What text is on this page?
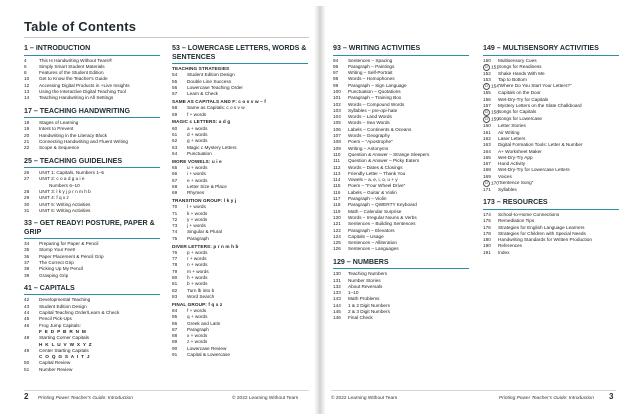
Table of Contents
1 – INTRODUCTION
4	This Is Handwriting Without Tears®
6	Simply Smart Student Materials
8	Features of the Student Edition
10	Get to Know the Teacher's Guide
12	Accessing Digital Products in +Live Insights
13	Using the Interactive Digital Teaching Tool
14	Teaching Handwriting in All Settings
17 – TEACHING HANDWRITING
18	Stages of Learning
19	Intent to Prevent
20	Handwriting in the Literacy Block
21	Connecting Handwriting and Fluent Writing
22	Scope & Sequence
25 – TEACHING GUIDELINES
26	UNIT 1: Capitals, Numbers 1–5
27	UNIT 2: c o a d g u i e
Numbers 6–10
28	UNIT 3: l k y j p r n m h b
29	UNIT 4: f q x z
30	UNIT 5: Writing Activities
31	UNIT 6: Writing Activities
33 – GET READY! POSTURE, PAPER & GRIP
34	Preparing for Paper & Pencil
35	Stomp Your Feet!
36	Paper Placement & Pencil Grip
37	The Correct Grip
38	Picking Up My Pencil
39	Grasping Grip
41 – CAPITALS
42	Developmental Teaching
43	Student Edition Design
44	Capital Teaching Order/Learn & Check
45	Pencil Pick-Ups
46	Frog Jump Capitals:
F E D P B R N M
48	Starting Corner Capitals
H K L U V W X Y Z
49	Center Starting Capitals
C O Q G S A I T J
50	Capital Review
51	Number Review
53 – LOWERCASE LETTERS, WORDS & SENTENCES
TEACHING STRATEGIES
54	Student Edition Design
55	Double Line Success
56	Lowercase Teaching Order
57	Learn & Check
SAME AS CAPITALS AND F: c o s v w – f
58	Same as Capitals: c o s v w
59	f + words
MAGIC c LETTERS: a d g
60	a + words
61	d + words
62	g + words
63	Magic c Mystery Letters
64	Punctuation
MORE VOWELS: u i e
65	u + words
66	i + words
67	e + words
68	Letter Size & Place
69	Rhymes
TRANSITION GROUP: l k y j
70	l + words
71	k + words
72	y + words
73	j + words
74	Singular & Plural
75	Paragraph
DIVER LETTERS: p r n m h b
76	p + words
77	r + words
78	n + words
79	m + words
80	h + words
81	b + words
82	Turn lb into b
83	Word Search
FINAL GROUP: f q x z
84	f + words
85	q + words
86	Greek and Latin
87	Paragraph
88	x + words
89	z + words
90	Lowercase Review
91	Capital & Lowercase
2 Printing Power Teacher's Guide: Introduction	© 2022 Learning Without Tears
93 – WRITING ACTIVITIES
94	Sentences – Spacing
96	Paragraph – Paintings
97	Writing – Self-Portrait
98	Words – Homophones
99	Paragraph – Sign Language
100	Punctuation – Quotations
101	Paragraph – Training Box
102	Words – Compound Words
103	Syllables – pre-opi-hate
104	Words – Land Words
105	Words – Sea Words
106	Labels – Continents & Oceans
107	Words – Geography
108	Poem – "Apostrophe"
109	Writing – Antonyms
110	Question & Answer – Strange Sleepers
111	Question & Answer – Picky Eaters
112	Words – Dates & Closings
113	Friendly Letter – Thank You
114	Vowels – a, e, i, o, u + y
115	Poem – "Four Wheel Drive"
116	Labels – Guitar & Violin
117	Paragraph – Violin
118	Paragraph – QWERTY Keyboard
119	Math – Calendar Surprise
120	Words – Irregular Nouns & Verbs
121	Sentences – Building Sentences
122	Paragraph – Elevators
124	Capitals – Usage
125	Sentences – Alliteration
126	Sentences – Languages
129 – NUMBERS
130	Teaching Numbers
131	Number Stories
132	About Reversals
133	1–10
143	Math Problems
144	1 & 2 Digit Numbers
145	2 & 3 Digit Numbers
146	Final Check
149 – MULTISENSORY ACTIVITIES
150	Multisensory Cues
D 151 Songs for Readiness
152	Shake Hands With Me
153	Tap to Bottom
D 154 "Where Do You Start Your Letters?"
155	Capitals on the Door
156	Wet-Dry-Try for Capitals
157	Mystery Letters on the Slate Chalkboard
D 158 Songs for Capitals
D 159 Songs for Lowercase
160	Letter Stories
161	Air Writing
162	Laser Letters
163	Digital Formation Tools: Letter & Number
164	A+ Worksheet Maker
165	Wet-Dry-Try App
167	Hand Activity
168	Wet-Dry-Try for Lowercase Letters
169	Voices
D 170 "Sentence Song"
171	Syllables
173 – RESOURCES
174	School-to-Home Connections
175	Remediation Tips
176	Strategies for English Language Learners
178	Strategies for Children with Special Needs
180	Handwriting Standards for Written Production
190	References
191	Index
© 2022 Learning Without Tears	Printing Power Teacher's Guide: Introduction 3
